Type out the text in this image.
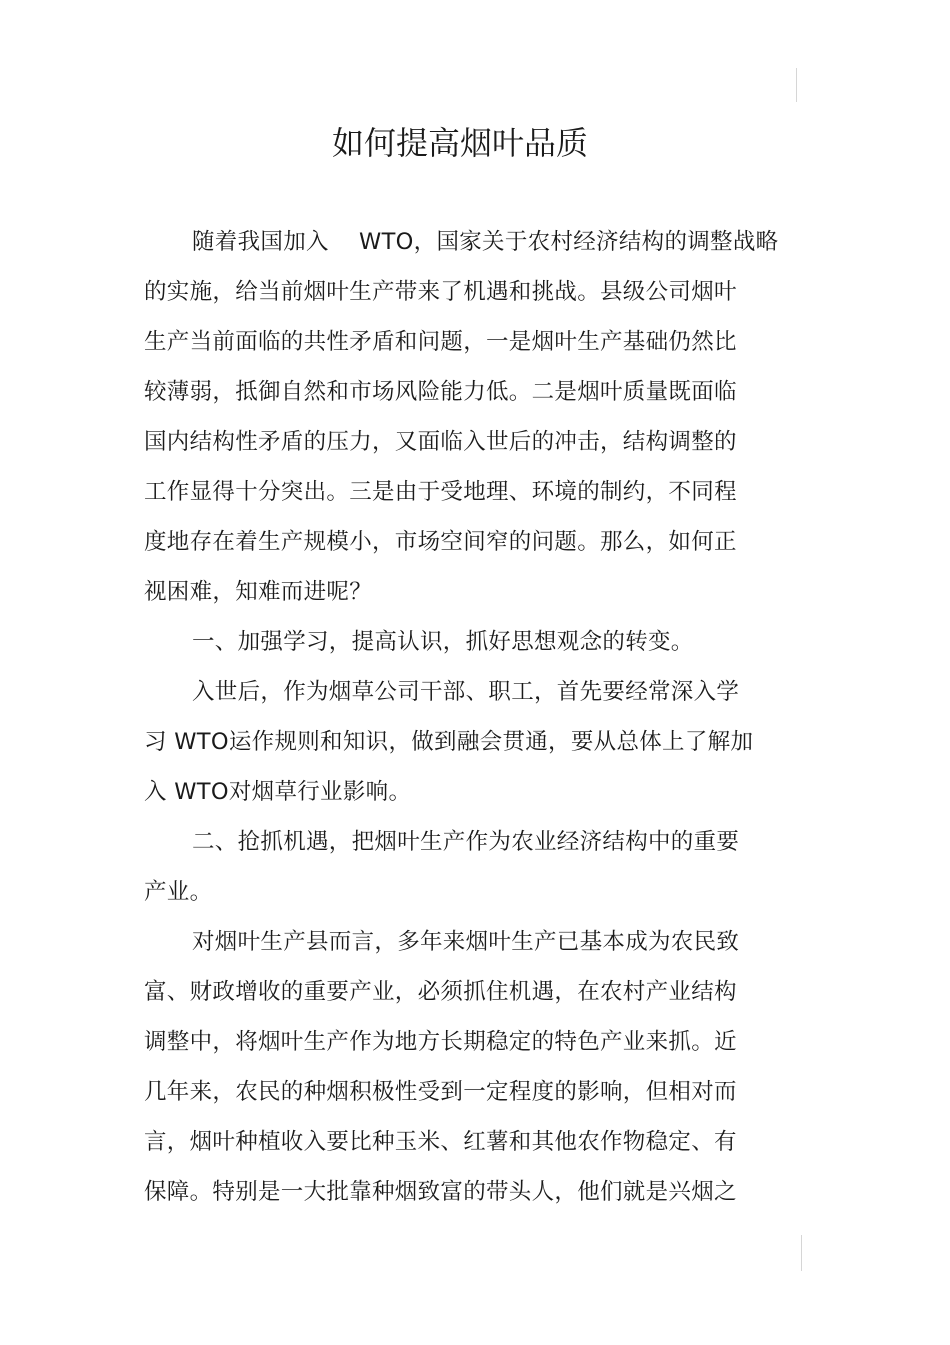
如何提高烟叶品质
随着我国加入　 WTO，国家关于农村经济结构的调整战略
的实施，给当前烟叶生产带来了机遇和挑战。县级公司烟叶
生产当前面临的共性矛盾和问题，一是烟叶生产基础仍然比
较薄弱，抵御自然和市场风险能力低。二是烟叶质量既面临
国内结构性矛盾的压力，又面临入世后的冲击，结构调整的
工作显得十分突出。三是由于受地理、环境的制约，不同程
度地存在着生产规模小，市场空间窄的问题。那么，如何正
视困难，知难而进呢？
一、加强学习，提高认识，抓好思想观念的转变。
入世后，作为烟草公司干部、职工，首先要经常深入学
习 WTO运作规则和知识，做到融会贯通，要从总体上了解加
入 WTO对烟草行业影响。
二、抢抓机遇，把烟叶生产作为农业经济结构中的重要
产业。
对烟叶生产县而言，多年来烟叶生产已基本成为农民致
富、财政增收的重要产业，必须抓住机遇，在农村产业结构
调整中，将烟叶生产作为地方长期稳定的特色产业来抓。近
几年来，农民的种烟积极性受到一定程度的影响，但相对而
言，烟叶种植收入要比种玉米、红薯和其他农作物稳定、有
保障。特别是一大批靠种烟致富的带头人，他们就是兴烟之
